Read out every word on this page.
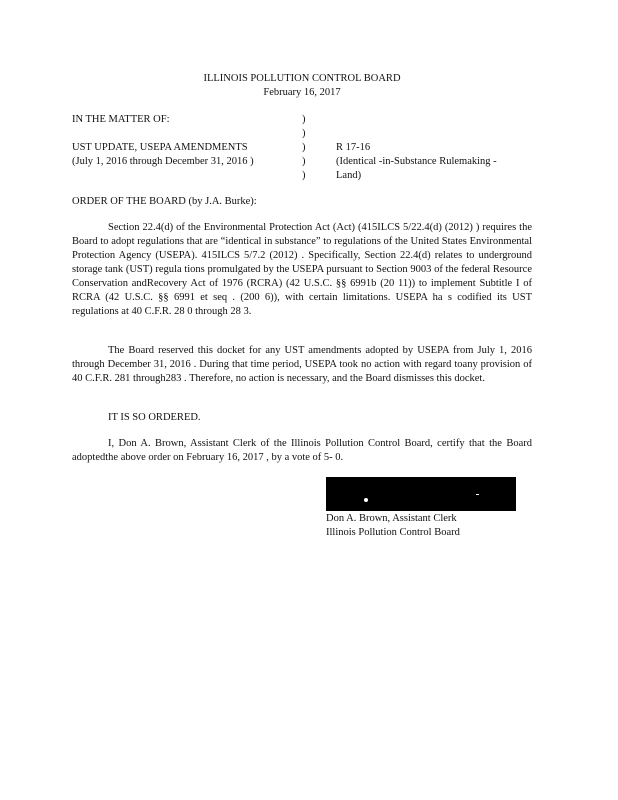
ILLINOIS POLLUTION CONTROL BOARD
February 16, 2017
IN THE MATTER OF:
UST UPDATE, USEPA AMENDMENTS
(July 1, 2016 through December 31, 2016 )
)
)
)
)
)
R 17-16
(Identical -in-Substance Rulemaking -
Land)
ORDER OF THE BOARD (by J.A. Burke):

Section 22.4(d) of the Environmental Protection Act (Act) (415ILCS 5/22.4(d) (2012) ) requires the Board to adopt regulations that are “identical in substance” to regulations of the United States Environmental Protection Agency (USEPA). 415ILCS 5/7.2 (2012) . Specifically, Section 22.4(d) relates to underground storage tank (UST) regula tions promulgated by the USEPA pursuant to Section 9003 of the federal Resource Conservation andRecovery Act of 1976 (RCRA) (42 U.S.C. §§ 6991b (20 11)) to implement Subtitle I of RCRA (42 U.S.C. §§ 6991 et seq . (200 6)), with certain limitations. USEPA ha s codified its UST regulations at 40 C.F.R. 28 0 through 28 3.

The Board reserved this docket for any UST amendments adopted by USEPA from July 1, 2016 through December 31, 2016 . During that time period, USEPA took no action with regard toany provision of 40 C.F.R. 281 through283 . Therefore, no action is necessary, and the Board dismisses this docket.

IT IS SO ORDERED.

I, Don A. Brown, Assistant Clerk of the Illinois Pollution Control Board, certify that the Board adoptedthe above order on February 16, 2017 , by a vote of 5- 0.

Don A. Brown, Assistant Clerk
Illinois Pollution Control Board
